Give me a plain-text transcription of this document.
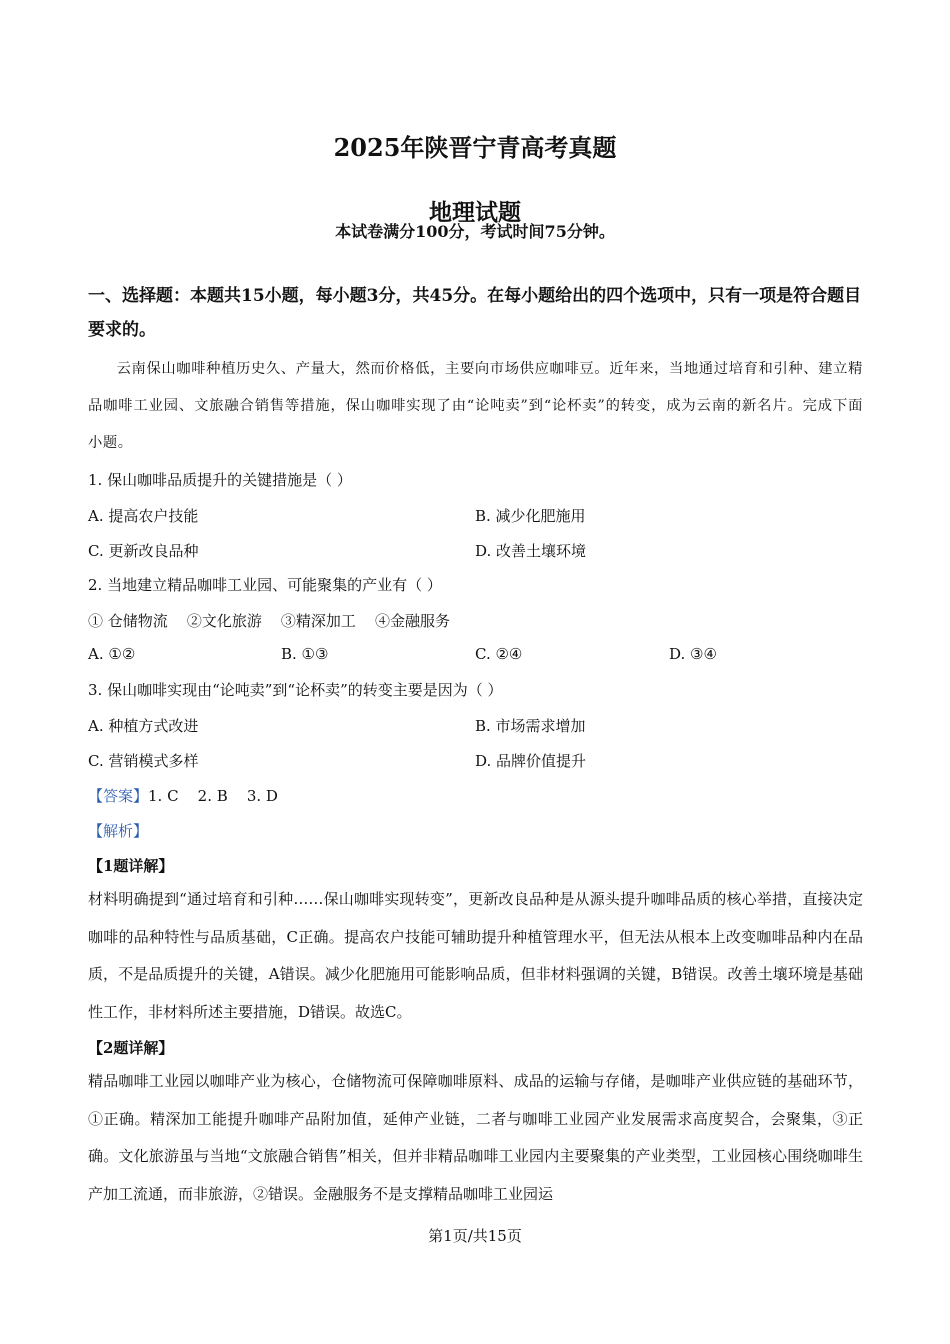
2025年陕晋宁青高考真题
地理试题
本试卷满分100分，考试时间75分钟。
一、选择题：本题共15小题，每小题3分，共45分。在每小题给出的四个选项中，只有一项是符合题目要求的。
云南保山咖啡种植历史久、产量大，然而价格低，主要向市场供应咖啡豆。近年来，当地通过培育和引种、建立精品咖啡工业园、文旅融合销售等措施，保山咖啡实现了由“论吨卖”到“论杯卖”的转变，成为云南的新名片。完成下面小题。
1. 保山咖啡品质提升的关键措施是（ ）
A. 提高农户技能	B. 减少化肥施用
C. 更新改良品种	D. 改善土壤环境
2. 当地建立精品咖啡工业园、可能聚集的产业有（ ）
① 仓储物流    ②文化旅游    ③精深加工    ④金融服务
A. ①②	B. ①③	C. ②④	D. ③④
3. 保山咖啡实现由“论吨卖”到“论杯卖”的转变主要是因为（ ）
A. 种植方式改进	B. 市场需求增加
C. 营销模式多样	D. 品牌价值提升
【答案】1. C    2. B    3. D
【解析】
【1题详解】
材料明确提到“通过培育和引种……保山咖啡实现转变”，更新改良品种是从源头提升咖啡品质的核心举措，直接决定咖啡的品种特性与品质基础，C正确。提高农户技能可辅助提升种植管理水平，但无法从根本上改变咖啡品种内在品质，不是品质提升的关键，A错误。减少化肥施用可能影响品质，但非材料强调的关键，B错误。改善土壤环境是基础性工作，非材料所述主要措施，D错误。故选C。
【2题详解】
精品咖啡工业园以咖啡产业为核心，仓储物流可保障咖啡原料、成品的运输与存储，是咖啡产业供应链的基础环节，①正确。精深加工能提升咖啡产品附加值，延伸产业链，二者与咖啡工业园产业发展需求高度契合，会聚集，③正确。文化旅游虽与当地“文旅融合销售”相关，但并非精品咖啡工业园内主要聚集的产业类型，工业园核心围绕咖啡生产加工流通，而非旅游，②错误。金融服务不是支撑精品咖啡工业园运
第1页/共15页
